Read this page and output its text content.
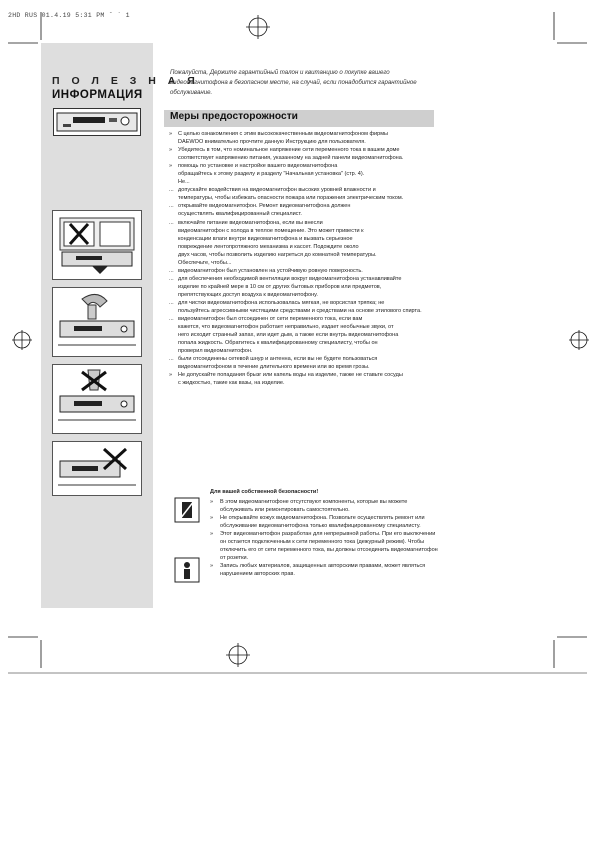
2HD RUS 01.4.19 5:31 PM ˘ ` 1
П О Л Е З Н А Я
ИНФОРМАЦИЯ
Пожалуйста, Держите гарантийный талон и квитанцию о покупке вашего
видеомагнитофона в безопасном месте, на случай, если понадобится гарантийное
обслуживание.
Меры предосторожности
»	С целью ознакомления с этим высококачественным видеомагнитофоном фирмы
DAEWOO внимательно прочтите данную Инструкцию для пользователя.
»	Убедитесь в том, что номинальное напряжение сети переменного тока в вашем доме
соответствует напряжению питания, указанному на задней панели видеомагнитофона.
»	помощь по установке и настройке вашего видеомагнитофона
обращайтесь к этому разделу и разделу "Начальная установка" (стр. 4).
Не...
... допускайте воздействия на видеомагнитофон высоких уровней влажности и
температуры, чтобы избежать опасности пожара или поражения электрическим током.
... открывайте видеомагнитофон. Ремонт видеомагнитофона должен
осуществлять квалифицированный специалист.
... включайте питание видеомагнитофона, если вы внесли
видеомагнитофон с холода в теплое помещение. Это может привести к
конденсации влаги внутри видеомагнитофона и вызвать серьезное
повреждение лентопротяжного механизма и кассет. Подождите около
двух часов, чтобы позволить изделию нагреться до комнатной температуры.
Обеспечьте, чтобы...
... видеомагнитофон был установлен на устойчивую ровную поверхность.
... для обеспечения необходимой вентиляции вокруг видеомагнитофона устанавливайте
изделие по крайней мере в 10 см от других бытовых приборов или предметов,
препятствующих доступ воздуха к видеомагнитофону.
... для чистки видеомагнитофона использовалась мягкая, не ворсистая тряпка; не
пользуйтесь агрессивными чистящими средствами и средствами на основе этилового спирта.
... видеомагнитофон был отсоединен от сети переменного тока, если вам
кажется, что видеомагнитофон работает неправильно, издает необычные звуки, от
него исходит странный запах, или идет дым, а также если внутрь видеомагнитофона
попала жидкость. Обратитесь к квалифицированному специалисту, чтобы он
проверил видеомагнитофон.
... были отсоединены сетевой шнур и антенна, если вы не будете пользоваться
видеомагнитофоном в течение длительного времени или во время грозы.
»	Не допускайте попадания брызг или капель воды на изделие, также не ставьте сосуды
с жидкостью, такие как вазы, на изделие.
Для вашей собственной безопасности!
»	В этом видеомагнитофоне отсутствуют компоненты, которые вы можете обслуживать или ремонтировать самостоятельно.
»	Не открывайте кожух видеомагнитофона. Позвольте осуществлять ремонт или обслуживание видеомагнитофона только квалифицированному специалисту.
»	Этот видеомагнитофон разработан для непрерывной работы. При его выключении он остается подключенным к сети переменного тока (дежурный режим). Чтобы отключить его от сети переменного тока, вы должны отсоединить видеомагнитофон от розетки.
»	Запись любых материалов, защищенных авторскими правами, может являться нарушением авторских прав.
